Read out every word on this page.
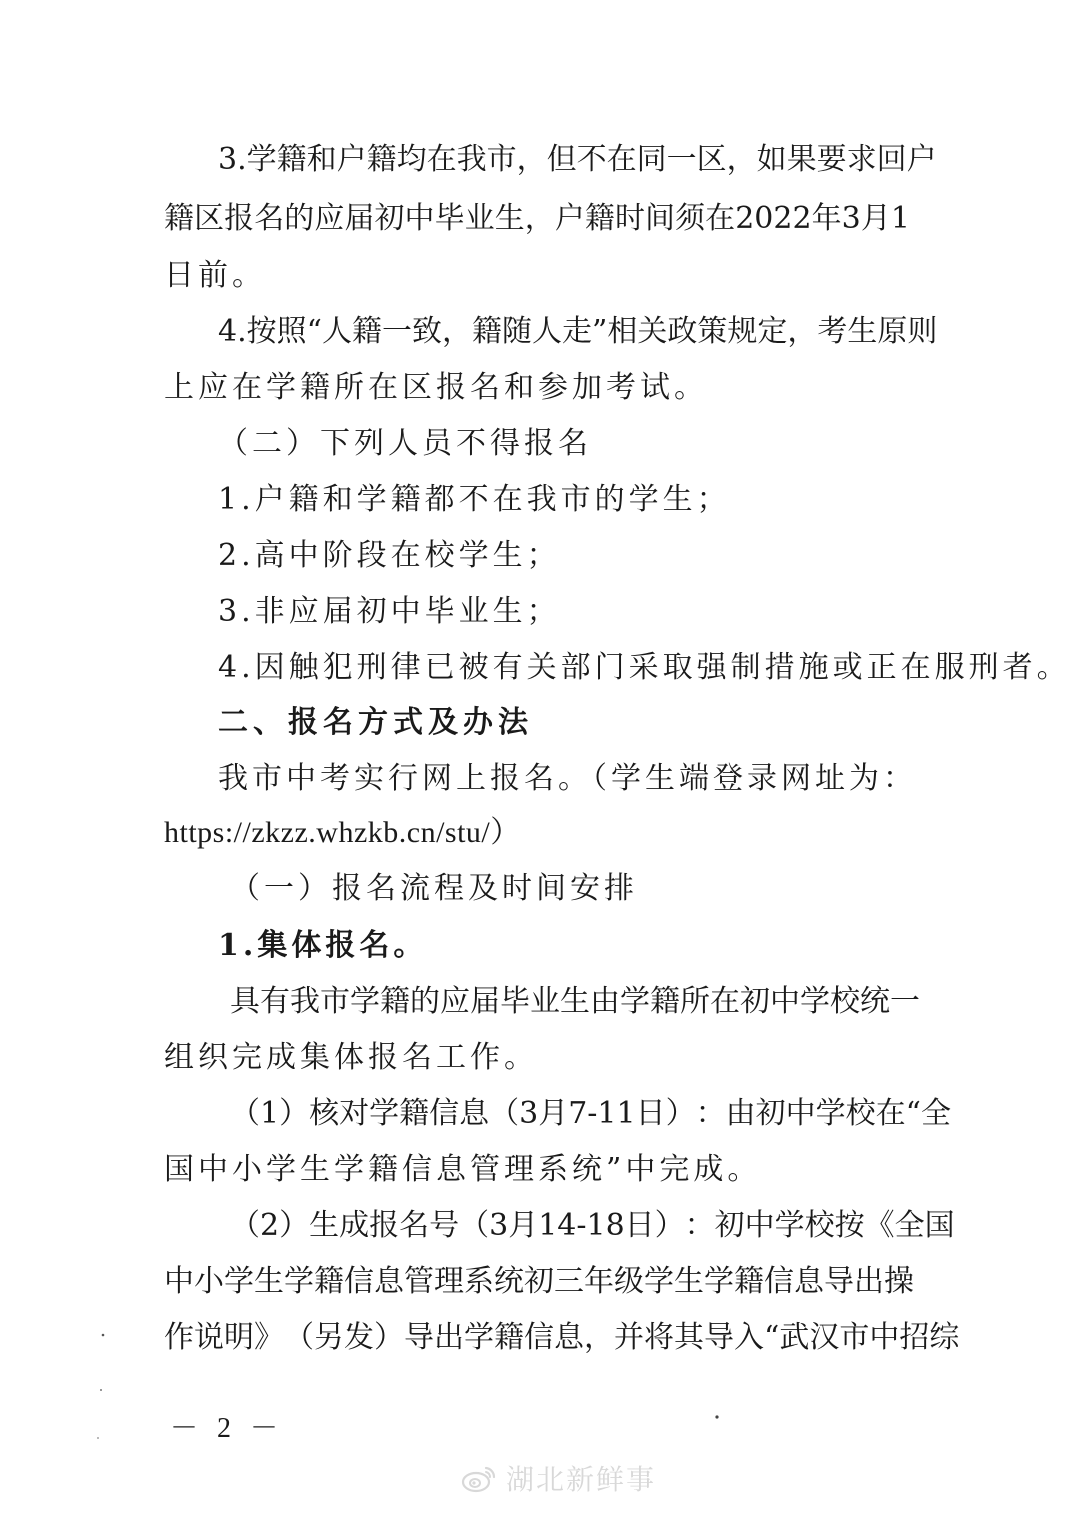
3. 学 籍 和 户 籍 均 在 我 市 ， 但 不 在 同 一 区 ， 如 果 要 求 回 户
籍 区 报 名 的 应 届 初 中 毕 业 生 ， 户 籍 时 间 须 在 2022 年 3 月 1
日前。
4. 按 照 “ 人 籍 一 致 ， 籍 随 人 走 ” 相 关 政 策 规 定 ， 考 生 原 则
上应在学籍所在区报名和参加考试。
（二）下列人员不得报名
1.户籍和学籍都不在我市的学生；
2.高中阶段在校学生；
3.非应届初中毕业生；
4.因触犯刑律已被有关部门采取强制措施或正在服刑者。
二、报名方式及办法
我市中考实行网上报名。（学生端登录网址为：
https://zkzz.whzkb.cn/stu/）
（一）报名流程及时间安排
1.集体报名。
具 有 我 市 学 籍 的 应 届 毕 业 生 由 学 籍 所 在 初 中 学 校 统 一
组织完成集体报名工作。
（ 1 ） 核 对 学 籍 信 息 （ 3 月 7-11 日 ） ： 由 初 中 学 校 在 “ 全
国中小学生学籍信息管理系统”中完成。
（ 2 ） 生 成 报 名 号 （ 3 月 14-18 日 ） ： 初 中 学 校 按 《 全 国
中 小 学 生 学 籍 信 息 管 理 系 统 初 三 年 级 学 生 学 籍 信 息 导 出 操
作 说 明 》 （ 另 发 ） 导 出 学 籍 信 息 ， 并 将 其 导 入 “ 武 汉 市 中 招 综
－ 2 －
湖北新鲜事
